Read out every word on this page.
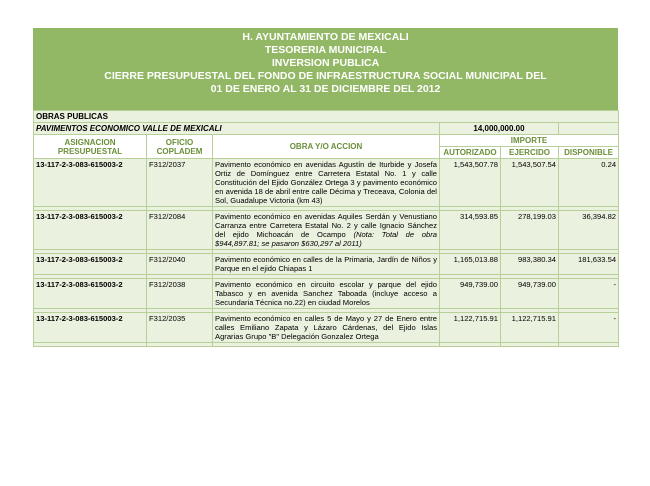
H. AYUNTAMIENTO DE MEXICALI
TESORERIA MUNICIPAL
INVERSION PUBLICA
CIERRE PRESUPUESTAL DEL FONDO DE INFRAESTRUCTURA SOCIAL MUNICIPAL DEL
01 DE ENERO AL 31 DE DICIEMBRE DEL 2012
OBRAS PUBLICAS					
PAVIMENTOS ECONOMICO VALLE DE MEXICALI			14,000,000.00		
ASIGNACION PRESUPUESTAL	OFICIO COPLADEM	OBRA Y/O ACCION	IMPORTE		
			AUTORIZADO	EJERCIDO	DISPONIBLE
13-117-2-3-083-615003-2	F312/2037	Pavimento económico en avenidas Agustín de Iturbide y Josefa Ortiz de Domínguez entre Carretera Estatal No. 1 y calle Constitución del Ejido González Ortega 3 y pavimento económico en avenida 18 de abril entre calle Décima y Treceava, Colonia del Sol, Guadalupe Victoria (km 43)	1,543,507.78	1,543,507.54	0.24

13-117-2-3-083-615003-2	F312/2084	Pavimento económico en avenidas Aquiles Serdán y Venustiano Carranza entre Carretera Estatal No. 2 y calle Ignacio Sánchez del ejido Michoacán de Ocampo (Nota: Total de obra $944,897.81; se pasaron $630,297 al 2011)	314,593.85	278,199.03	36,394.82

13-117-2-3-083-615003-2	F312/2040	Pavimento económico en calles de la Primaria, Jardín de Niños y Parque en el ejido Chiapas 1	1,165,013.88	983,380.34	181,633.54

13-117-2-3-083-615003-2	F312/2038	Pavimento económico en circuito escolar y parque del ejido Tabasco y en avenida Sanchez Taboada (incluye acceso a Secundaria Técnica no.22) en ciudad Morelos	949,739.00	949,739.00	-

13-117-2-3-083-615003-2	F312/2035	Pavimento económico en calles 5 de Mayo y 27 de Enero entre calles Emiliano Zapata y Lázaro Cárdenas, del Ejido Islas Agrarias Grupo "B" Delegación Gonzalez Ortega	1,122,715.91	1,122,715.91	-
